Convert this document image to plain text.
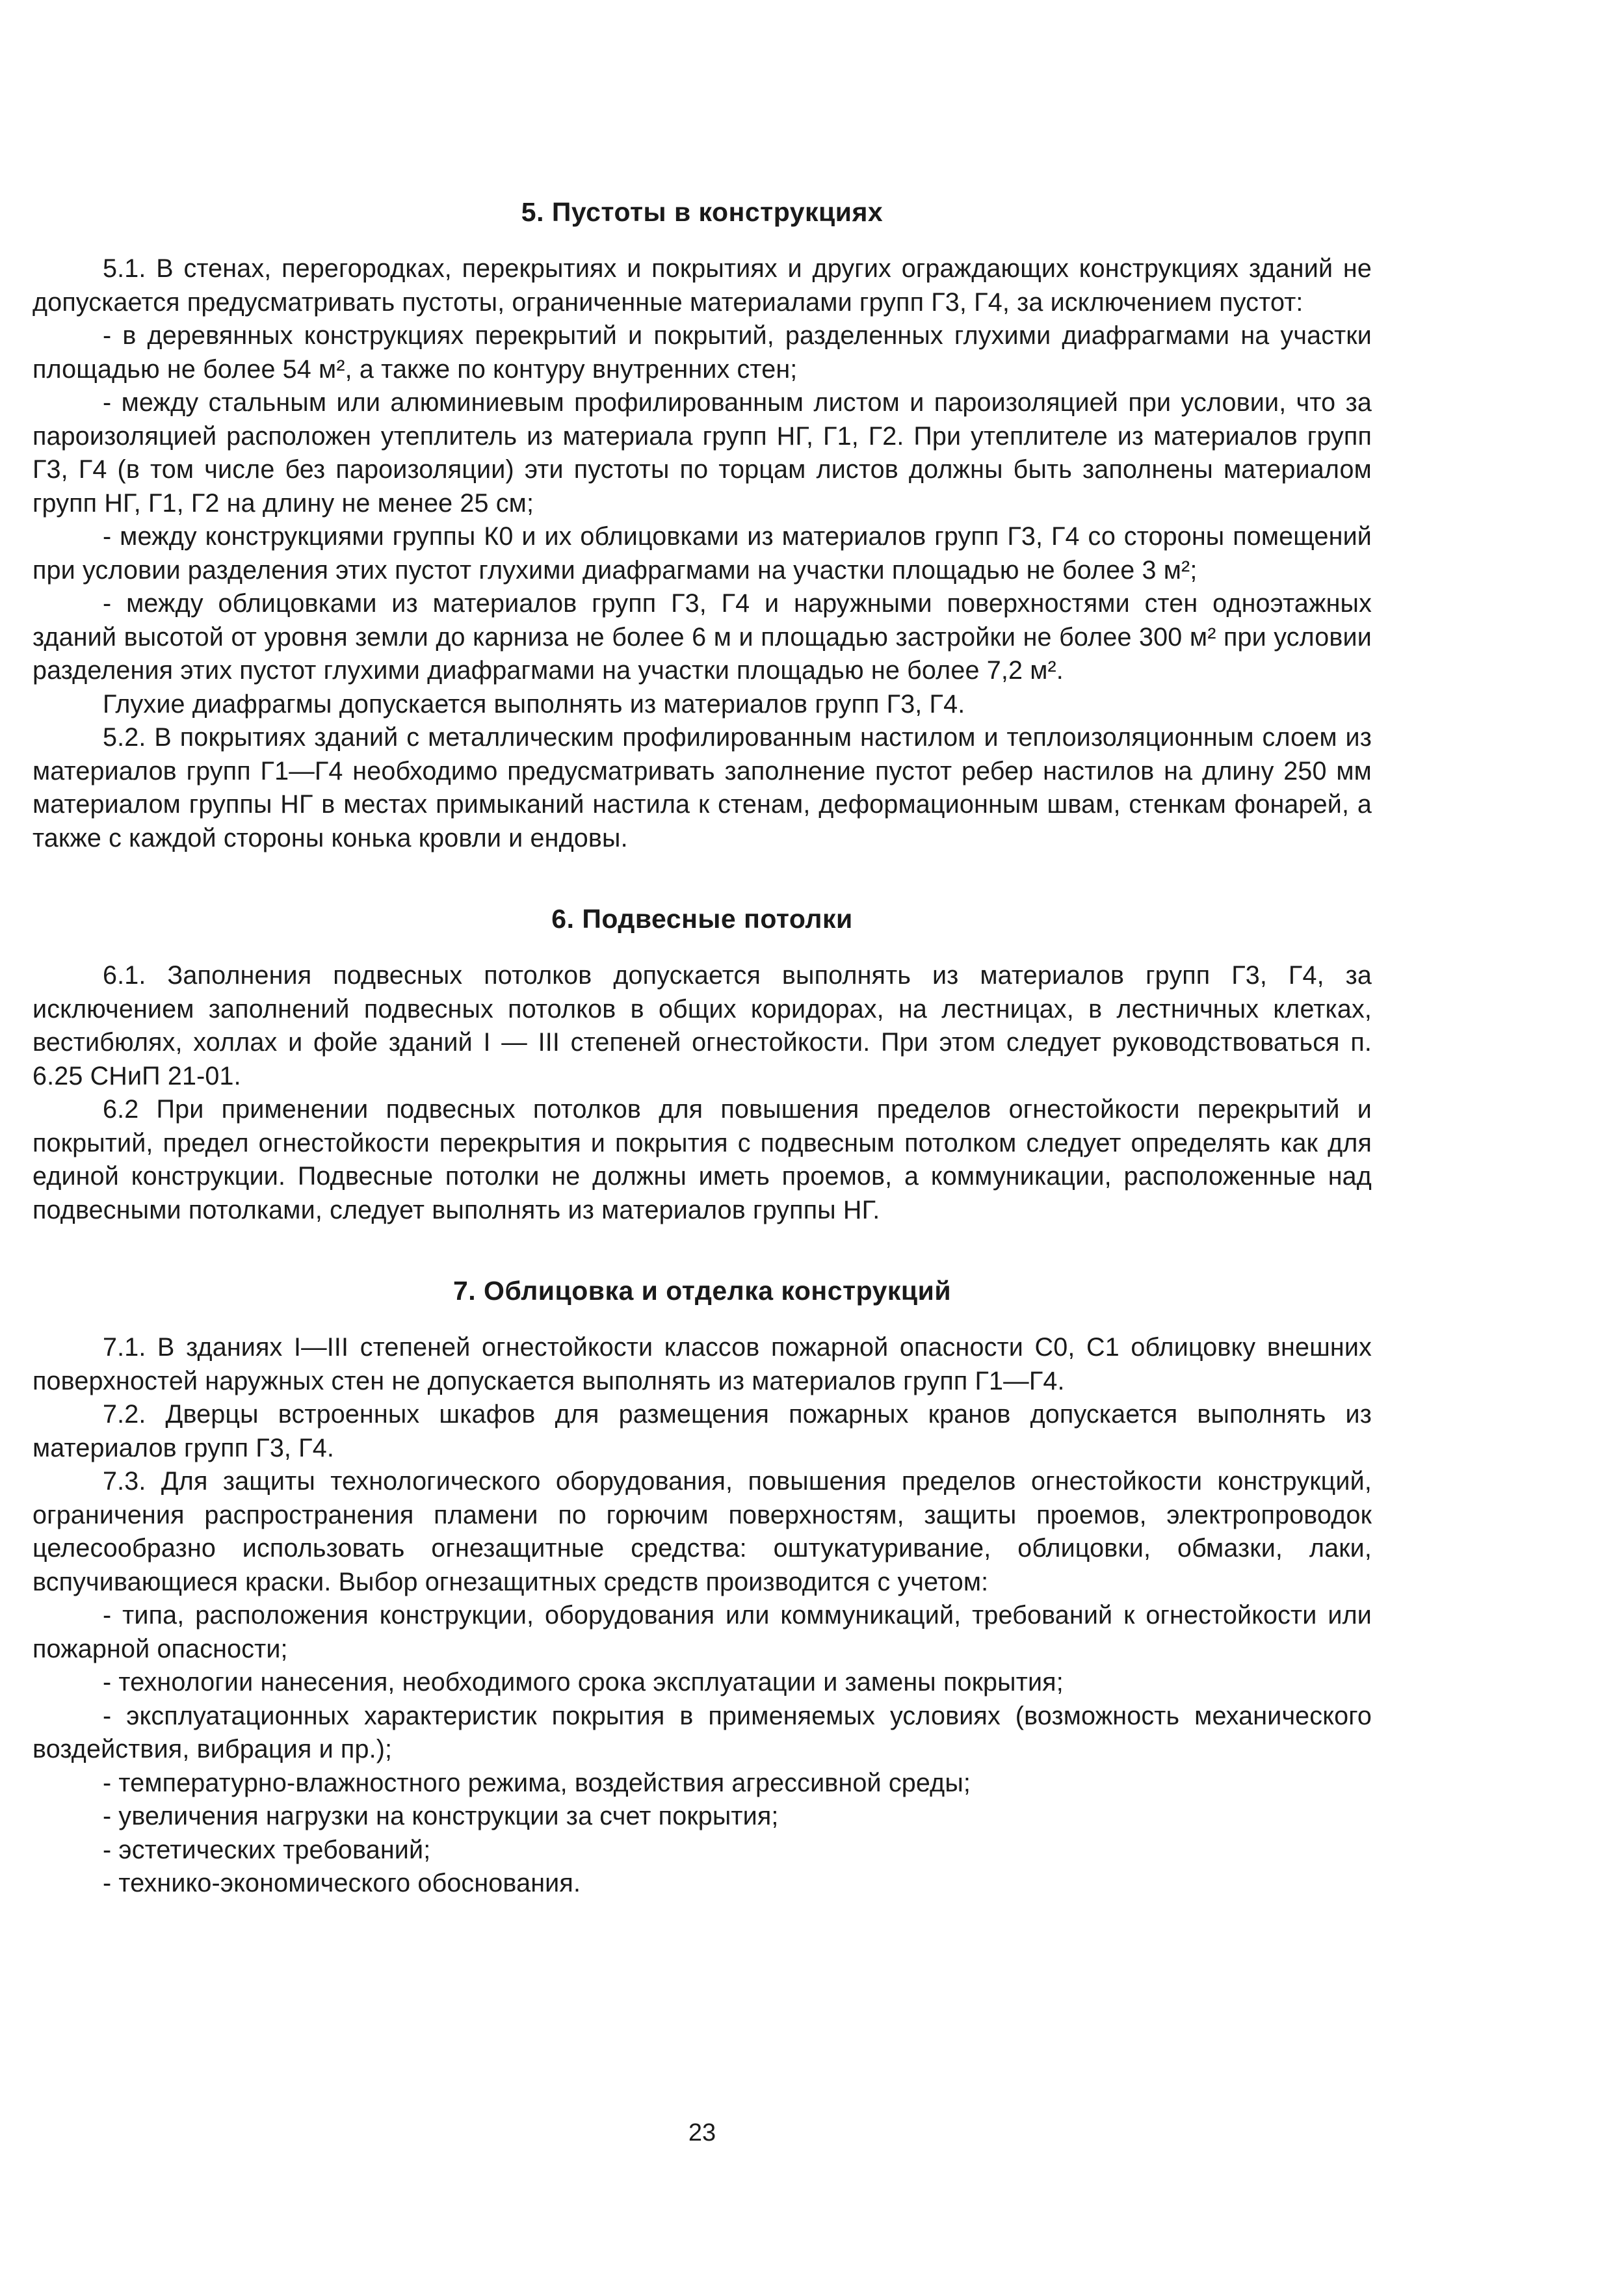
5. Пустоты в конструкциях

5.1. В стенах, перегородках, перекрытиях и покрытиях и других ограждающих конструкциях зданий не допускается предусматривать пустоты, ограниченные материалами групп Г3, Г4, за исключением пустот:

- в деревянных конструкциях перекрытий и покрытий, разделенных глухими диафрагмами на участки площадью не более 54 м², а также по контуру внутренних стен;

- между стальным или алюминиевым профилированным листом и пароизоляцией при условии, что за пароизоляцией расположен утеплитель из материала групп НГ, Г1, Г2. При утеплителе из материалов групп Г3, Г4 (в том числе без пароизоляции) эти пустоты по торцам листов должны быть заполнены материалом групп НГ, Г1, Г2 на длину не менее 25 см;

- между конструкциями группы К0 и их облицовками из материалов групп Г3, Г4 со стороны помещений при условии разделения этих пустот глухими диафрагмами на участки площадью не более 3 м²;

- между облицовками из материалов групп Г3, Г4 и наружными поверхностями стен одноэтажных зданий высотой от уровня земли до карниза не более 6 м и площадью застройки не более 300 м² при условии разделения этих пустот глухими диафрагмами на участки площадью не более 7,2 м².

Глухие диафрагмы допускается выполнять из материалов групп Г3, Г4.

5.2. В покрытиях зданий с металлическим профилированным настилом и теплоизоляционным слоем из материалов групп Г1—Г4 необходимо предусматривать заполнение пустот ребер настилов на длину 250 мм материалом группы НГ в местах примыканий настила к стенам, деформационным швам, стенкам фонарей, а также с каждой стороны конька кровли и ендовы.

6. Подвесные потолки

6.1. Заполнения подвесных потолков допускается выполнять из материалов групп Г3, Г4, за исключением заполнений подвесных потолков в общих коридорах, на лестницах, в лестничных клетках, вестибюлях, холлах и фойе зданий I — III степеней огнестойкости. При этом следует руководствоваться п. 6.25 СНиП 21-01.

6.2 При применении подвесных потолков для повышения пределов огнестойкости перекрытий и покрытий, предел огнестойкости перекрытия и покрытия с подвесным потолком следует определять как для единой конструкции. Подвесные потолки не должны иметь проемов, а коммуникации, расположенные над подвесными потолками, следует выполнять из материалов группы НГ.

7. Облицовка и отделка конструкций

7.1. В зданиях I—III степеней огнестойкости классов пожарной опасности С0, С1 облицовку внешних поверхностей наружных стен не допускается выполнять из материалов групп Г1—Г4.

7.2. Дверцы встроенных шкафов для размещения пожарных кранов допускается выполнять из материалов групп Г3, Г4.

7.3. Для защиты технологического оборудования, повышения пределов огнестойкости конструкций, ограничения распространения пламени по горючим поверхностям, защиты проемов, электропроводок целесообразно использовать огнезащитные средства: оштукатуривание, облицовки, обмазки, лаки, вспучивающиеся краски. Выбор огнезащитных средств производится с учетом:

- типа, расположения конструкции, оборудования или коммуникаций, требований к огнестойкости или пожарной опасности;

- технологии нанесения, необходимого срока эксплуатации и замены покрытия;

- эксплуатационных характеристик покрытия в применяемых условиях (возможность механического воздействия, вибрация и пр.);

- температурно-влажностного режима, воздействия агрессивной среды;

- увеличения нагрузки на конструкции за счет покрытия;

- эстетических требований;

- технико-экономического обоснования.

23
